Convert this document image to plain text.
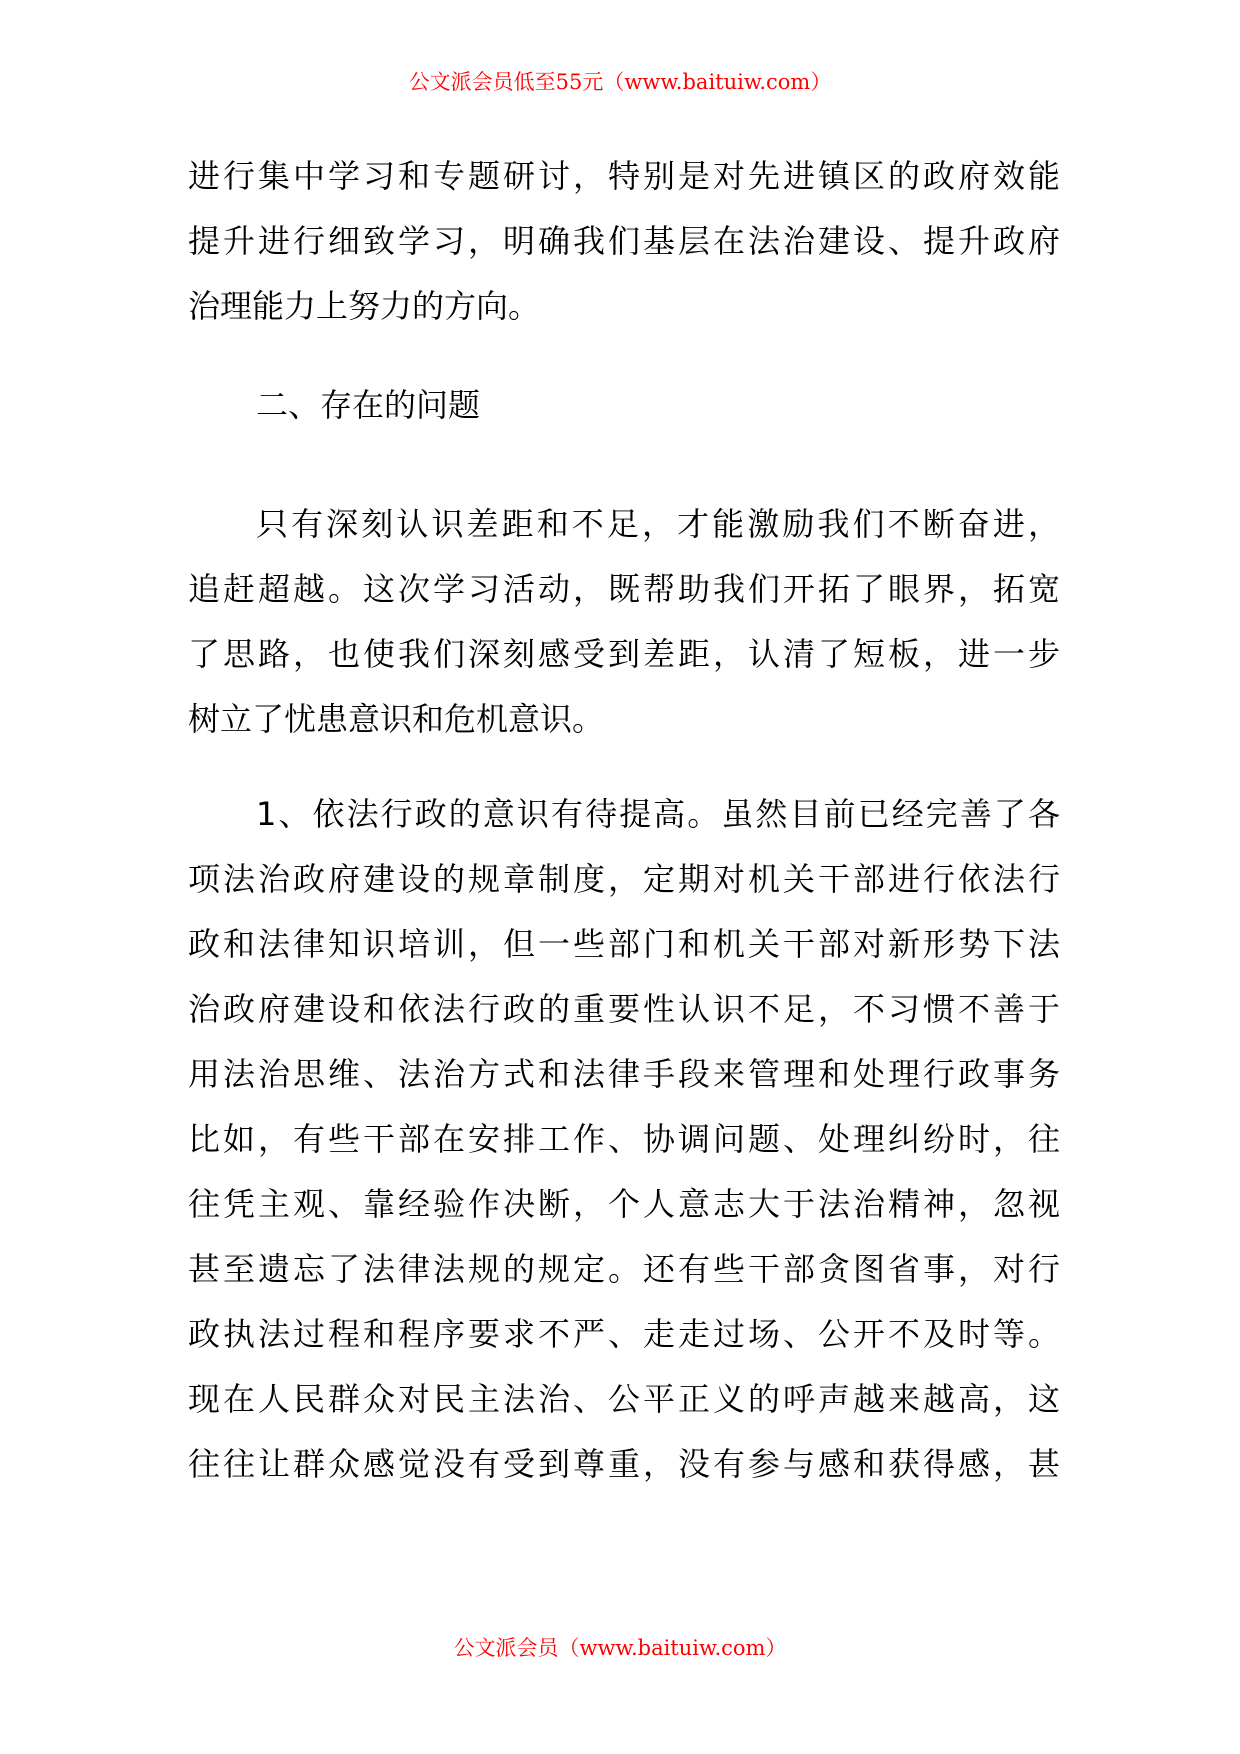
公文派会员低至55元（www.baituiw.com）
进行集中学习和专题研讨，特别是对先进镇区的政府效能
提升进行细致学习，明确我们基层在法治建设、提升政府
治理能力上努力的方向。
二、存在的问题
只有深刻认识差距和不足，才能激励我们不断奋进，
追赶超越。这次学习活动，既帮助我们开拓了眼界，拓宽
了思路，也使我们深刻感受到差距，认清了短板，进一步
树立了忧患意识和危机意识。
1、依法行政的意识有待提高。虽然目前已经完善了各
项法治政府建设的规章制度，定期对机关干部进行依法行
政和法律知识培训，但一些部门和机关干部对新形势下法
治政府建设和依法行政的重要性认识不足，不习惯不善于
用法治思维、法治方式和法律手段来管理和处理行政事务
比如，有些干部在安排工作、协调问题、处理纠纷时，往
往凭主观、靠经验作决断，个人意志大于法治精神，忽视
甚至遗忘了法律法规的规定。还有些干部贪图省事，对行
政执法过程和程序要求不严、走走过场、公开不及时等。
现在人民群众对民主法治、公平正义的呼声越来越高，这
往往让群众感觉没有受到尊重，没有参与感和获得感，甚
公文派会员（www.baituiw.com）
